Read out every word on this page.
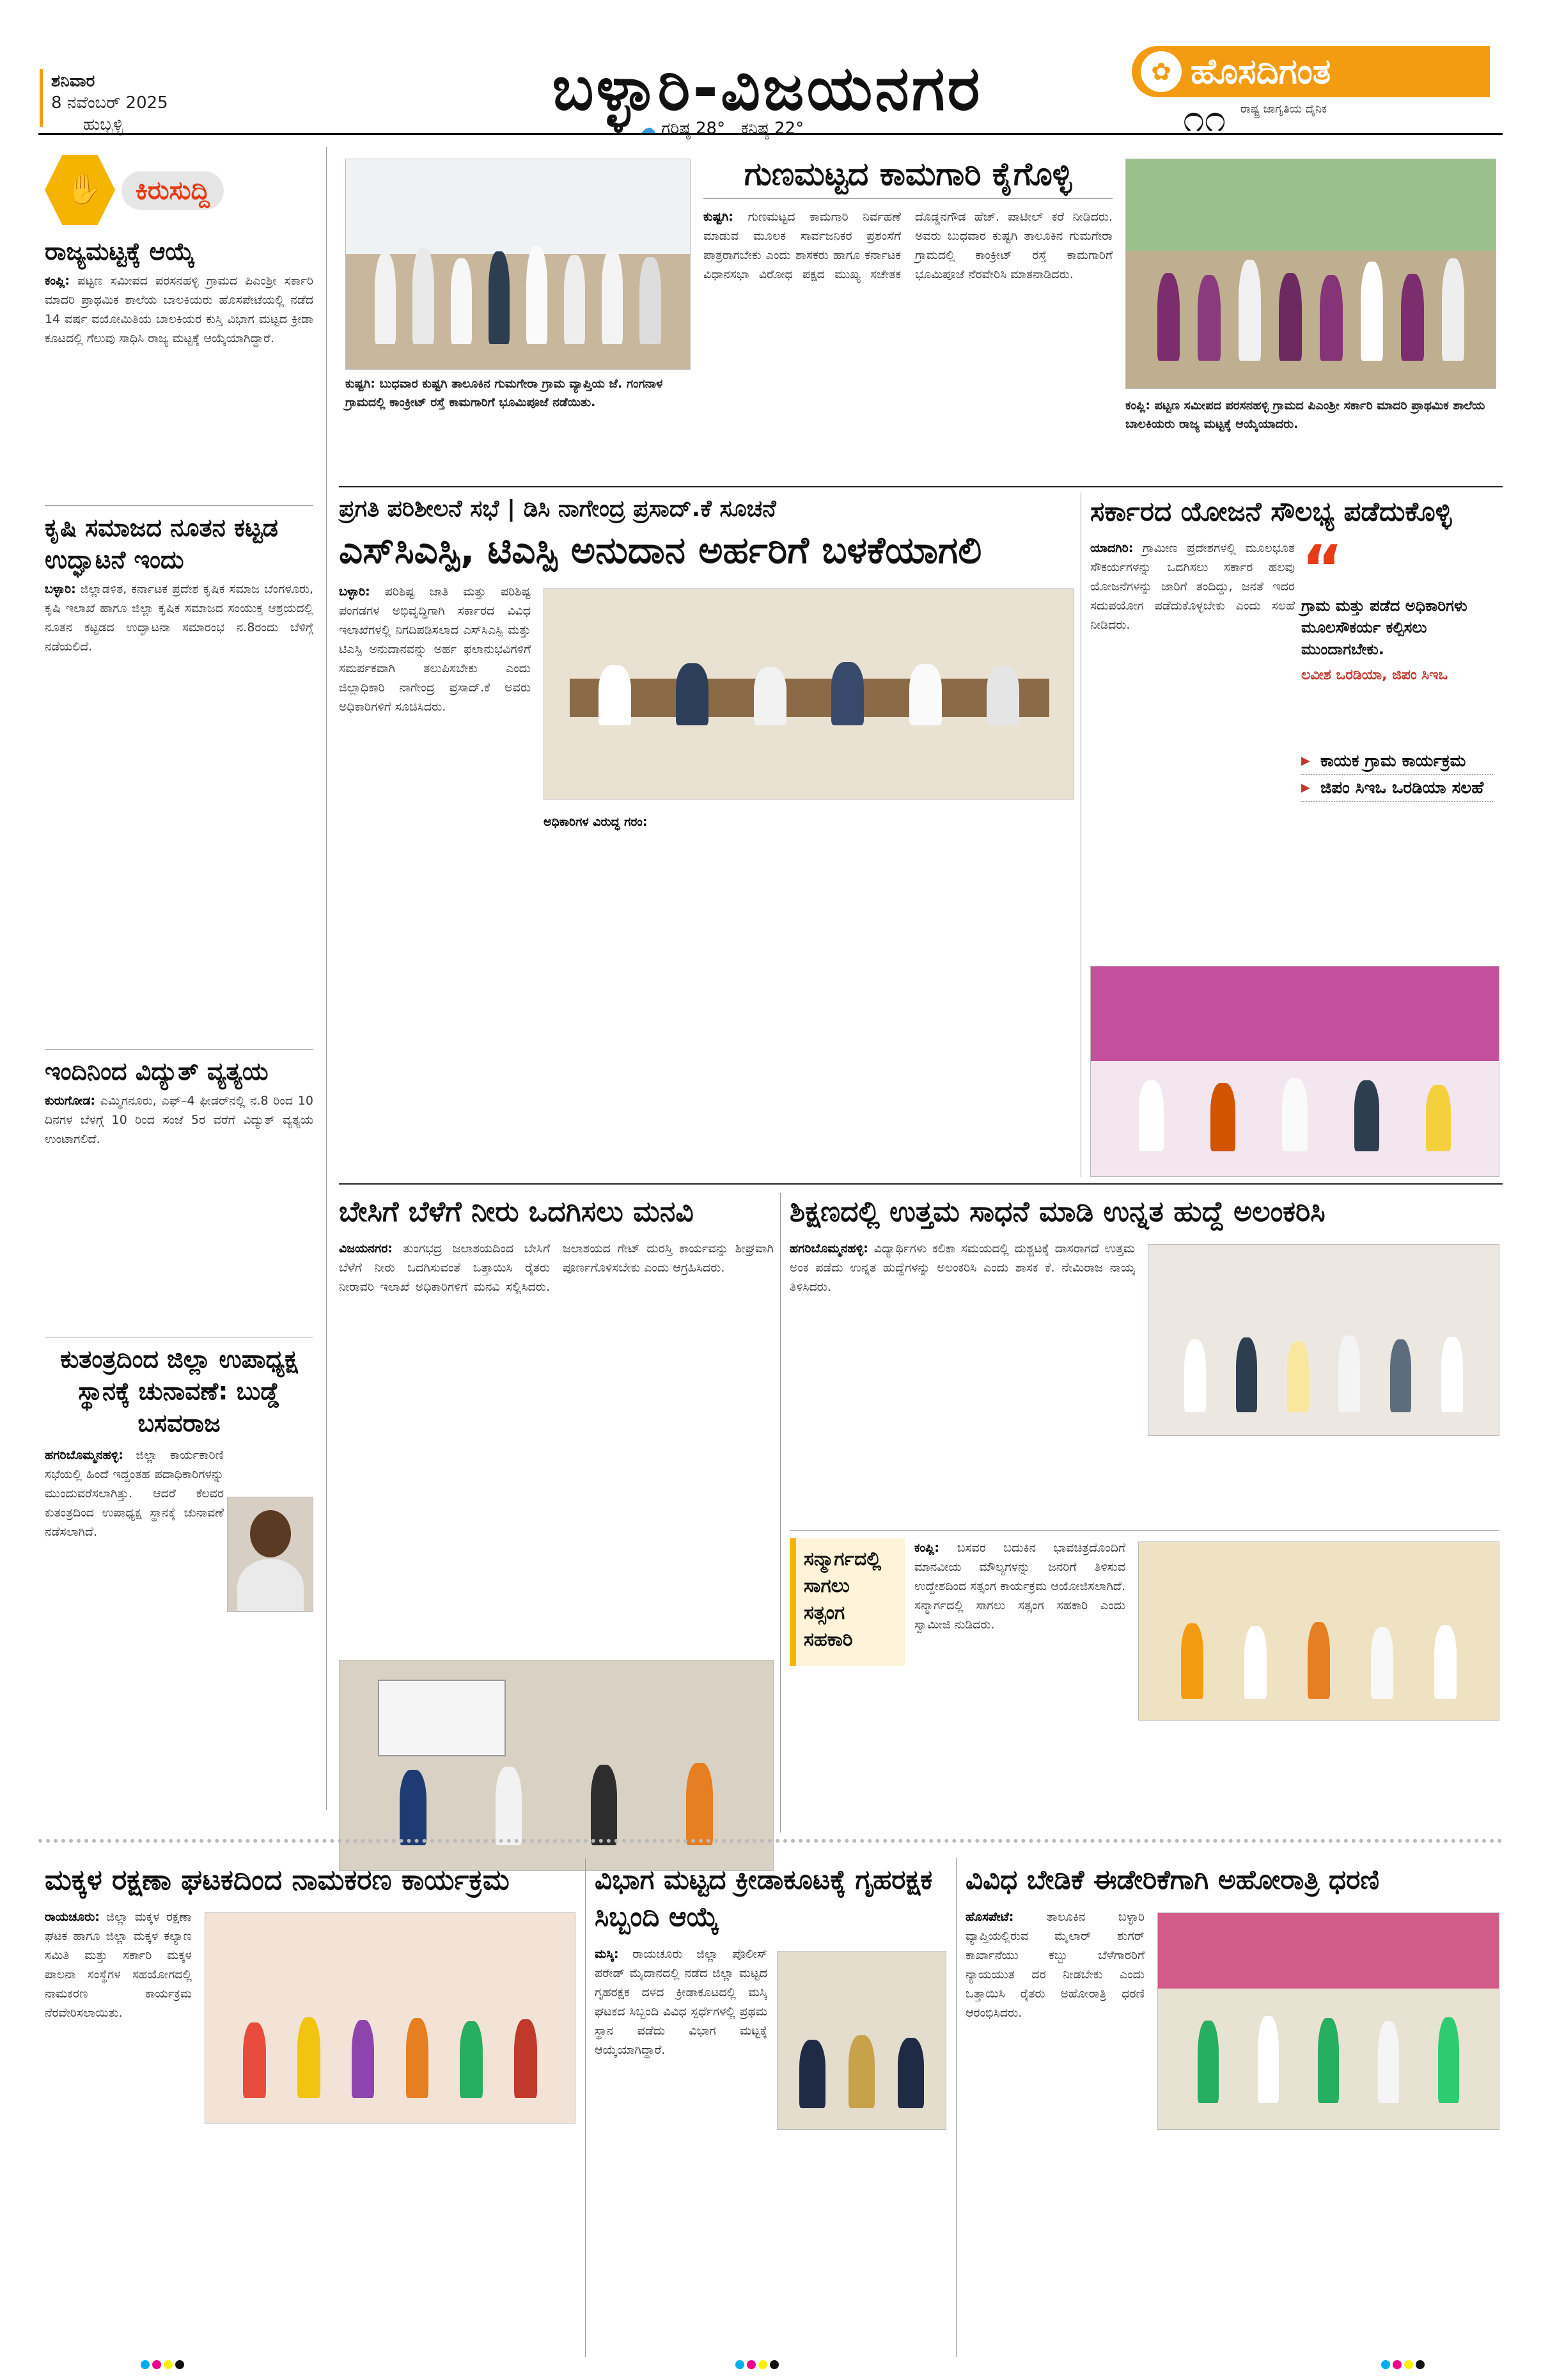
ಶನಿವಾರ
8 ನವೆಂಬರ್ 2025
ಹುಬ್ಬಳ್ಳಿ
ಬಳ್ಳಾರಿ-ವಿಜಯನಗರ
☁ ಗರಿಷ್ಠ 28° ಕನಿಷ್ಠ 22°
✿ ಹೊಸದಿಗಂತ
೧೧ ರಾಷ್ಟ್ರ ಜಾಗೃತಿಯ ದೈನಿಕ
✋
ಕಿರುಸುದ್ದಿ
ರಾಜ್ಯಮಟ್ಟಕ್ಕೆ ಆಯ್ಕೆ
ಕಂಪ್ಲಿ: ಪಟ್ಟಣ ಸಮೀಪದ ಪರಸನಹಳ್ಳಿ ಗ್ರಾಮದ ಪಿಎಂಶ್ರೀ ಸರ್ಕಾರಿ ಮಾದರಿ ಪ್ರಾಥಮಿಕ ಶಾಲೆಯ ಬಾಲಕಿಯರು ಹೊಸಪೇಟೆಯಲ್ಲಿ ನಡೆದ 14 ವರ್ಷ ವಯೋಮಿತಿಯ ಬಾಲಕಿಯರ ಕುಸ್ತಿ ವಿಭಾಗ ಮಟ್ಟದ ಕ್ರೀಡಾ ಕೂಟದಲ್ಲಿ ಗೆಲುವು ಸಾಧಿಸಿ ರಾಜ್ಯ ಮಟ್ಟಕ್ಕೆ ಆಯ್ಕೆಯಾಗಿದ್ದಾರೆ.
ಕೃಷಿ ಸಮಾಜದ ನೂತನ ಕಟ್ಟಡ ಉದ್ಘಾಟನೆ ಇಂದು
ಬಳ್ಳಾರಿ: ಜಿಲ್ಲಾಡಳಿತ, ಕರ್ನಾಟಕ ಪ್ರದೇಶ ಕೃಷಿಕ ಸಮಾಜ ಬೆಂಗಳೂರು, ಕೃಷಿ ಇಲಾಖೆ ಹಾಗೂ ಜಿಲ್ಲಾ ಕೃಷಿಕ ಸಮಾಜದ ಸಂಯುಕ್ತ ಆಶ್ರಯದಲ್ಲಿ ನೂತನ ಕಟ್ಟಡದ ಉದ್ಘಾಟನಾ ಸಮಾರಂಭ ನ.8ರಂದು ಬೆಳಿಗ್ಗೆ ನಡೆಯಲಿದೆ.
ಇಂದಿನಿಂದ ವಿದ್ಯುತ್ ವ್ಯತ್ಯಯ
ಕುರುಗೋಡ: ಎಮ್ಮಿಗನೂರು, ಎಫ್–4 ಫೀಡರ್‌ನಲ್ಲಿ ನ.8 ರಿಂದ 10 ದಿನಗಳ ಬೆಳಗ್ಗೆ 10 ರಿಂದ ಸಂಜೆ 5ರ ವರೆಗೆ ವಿದ್ಯುತ್ ವ್ಯತ್ಯಯ ಉಂಟಾಗಲಿದೆ.
ಕುತಂತ್ರದಿಂದ ಜಿಲ್ಲಾ ಉಪಾಧ್ಯಕ್ಷ ಸ್ಥಾನಕ್ಕೆ ಚುನಾವಣೆ: ಬುಡ್ಡೆ ಬಸವರಾಜ
ಹಗರಿಬೊಮ್ಮನಹಳ್ಳಿ: ಜಿಲ್ಲಾ ಕಾರ್ಯಕಾರಿಣಿ ಸಭೆಯಲ್ಲಿ ಹಿಂದೆ ಇದ್ದಂತಹ ಪದಾಧಿಕಾರಿಗಳನ್ನು ಮುಂದುವರೆಸಲಾಗಿತ್ತು. ಆದರೆ ಕೆಲವರ ಕುತಂತ್ರದಿಂದ ಉಪಾಧ್ಯಕ್ಷ ಸ್ಥಾನಕ್ಕೆ ಚುನಾವಣೆ ನಡೆಸಲಾಗಿದೆ.
ಕುಷ್ಟಗಿ: ಬುಧವಾರ ಕುಷ್ಟಗಿ ತಾಲೂಕಿನ ಗುಮಗೇರಾ ಗ್ರಾಮ ವ್ಯಾಪ್ತಿಯ ಜೆ. ಗಂಗನಾಳ ಗ್ರಾಮದಲ್ಲಿ ಕಾಂಕ್ರೀಟ್ ರಸ್ತೆ ಕಾಮಗಾರಿಗೆ ಭೂಮಿಪೂಜೆ ನಡೆಯಿತು.
ಗುಣಮಟ್ಟದ ಕಾಮಗಾರಿ ಕೈಗೊಳ್ಳಿ
ಕುಷ್ಟಗಿ: ಗುಣಮಟ್ಟದ ಕಾಮಗಾರಿ ನಿರ್ವಹಣೆ ಮಾಡುವ ಮೂಲಕ ಸಾರ್ವಜನಿಕರ ಪ್ರಶಂಸೆಗೆ ಪಾತ್ರರಾಗಬೇಕು ಎಂದು ಶಾಸಕರು ಹಾಗೂ ಕರ್ನಾಟಕ ವಿಧಾನಸಭಾ ವಿರೋಧ ಪಕ್ಷದ ಮುಖ್ಯ ಸಚೇತಕ ದೊಡ್ಡನಗೌಡ ಹೆಚ್. ಪಾಟೀಲ್ ಕರೆ ನೀಡಿದರು. ಅವರು ಬುಧವಾರ ಕುಷ್ಟಗಿ ತಾಲೂಕಿನ ಗುಮಗೇರಾ ಗ್ರಾಮದಲ್ಲಿ ಕಾಂಕ್ರೀಟ್ ರಸ್ತೆ ಕಾಮಗಾರಿಗೆ ಭೂಮಿಪೂಜೆ ನೆರವೇರಿಸಿ ಮಾತನಾಡಿದರು.
ಕಂಪ್ಲಿ: ಪಟ್ಟಣ ಸಮೀಪದ ಪರಸನಹಳ್ಳಿ ಗ್ರಾಮದ ಪಿಎಂಶ್ರೀ ಸರ್ಕಾರಿ ಮಾದರಿ ಪ್ರಾಥಮಿಕ ಶಾಲೆಯ ಬಾಲಕಿಯರು ರಾಜ್ಯ ಮಟ್ಟಕ್ಕೆ ಆಯ್ಕೆಯಾದರು.
ಪ್ರಗತಿ ಪರಿಶೀಲನೆ ಸಭೆ | ಡಿಸಿ ನಾಗೇಂದ್ರ ಪ್ರಸಾದ್.ಕೆ ಸೂಚನೆ
ಎಸ್‌ಸಿಎಸ್ಪಿ, ಟಿಎಸ್ಪಿ ಅನುದಾನ ಅರ್ಹರಿಗೆ ಬಳಕೆಯಾಗಲಿ
ಬಳ್ಳಾರಿ: ಪರಿಶಿಷ್ಟ ಜಾತಿ ಮತ್ತು ಪರಿಶಿಷ್ಟ ಪಂಗಡಗಳ ಅಭಿವೃದ್ಧಿಗಾಗಿ ಸರ್ಕಾರದ ವಿವಿಧ ಇಲಾಖೆಗಳಲ್ಲಿ ನಿಗದಿಪಡಿಸಲಾದ ಎಸ್‌ಸಿಎಸ್ಪಿ ಮತ್ತು ಟಿಎಸ್ಪಿ ಅನುದಾನವನ್ನು ಅರ್ಹ ಫಲಾನುಭವಿಗಳಿಗೆ ಸಮರ್ಪಕವಾಗಿ ತಲುಪಿಸಬೇಕು ಎಂದು ಜಿಲ್ಲಾಧಿಕಾರಿ ನಾಗೇಂದ್ರ ಪ್ರಸಾದ್.ಕೆ ಅವರು ಅಧಿಕಾರಿಗಳಿಗೆ ಸೂಚಿಸಿದರು.
ಅಧಿಕಾರಿಗಳ ವಿರುದ್ಧ ಗರಂ:
ಸರ್ಕಾರದ ಯೋಜನೆ ಸೌಲಭ್ಯ ಪಡೆದುಕೊಳ್ಳಿ
ಯಾದಗಿರಿ: ಗ್ರಾಮೀಣ ಪ್ರದೇಶಗಳಲ್ಲಿ ಮೂಲಭೂತ ಸೌಕರ್ಯಗಳನ್ನು ಒದಗಿಸಲು ಸರ್ಕಾರ ಹಲವು ಯೋಜನೆಗಳನ್ನು ಜಾರಿಗೆ ತಂದಿದ್ದು, ಜನತೆ ಇದರ ಸದುಪಯೋಗ ಪಡೆದುಕೊಳ್ಳಬೇಕು ಎಂದು ಸಲಹೆ ನೀಡಿದರು.
“
ಗ್ರಾಮ ಮತ್ತು ಪಡೆದ ಅಧಿಕಾರಿಗಳು ಮೂಲಸೌಕರ್ಯ ಕಲ್ಪಿಸಲು ಮುಂದಾಗಬೇಕು.
ಲವೀಶ ಒರಡಿಯಾ, ಜಿಪಂ ಸಿಇಒ
▶ ಕಾಯಕ ಗ್ರಾಮ ಕಾರ್ಯಕ್ರಮ
▶ ಜಿಪಂ ಸಿಇಒ ಒರಡಿಯಾ ಸಲಹೆ
ಬೇಸಿಗೆ ಬೆಳೆಗೆ ನೀರು ಒದಗಿಸಲು ಮನವಿ
ವಿಜಯನಗರ: ತುಂಗಭದ್ರ ಜಲಾಶಯದಿಂದ ಬೇಸಿಗೆ ಬೆಳೆಗೆ ನೀರು ಒದಗಿಸುವಂತೆ ಒತ್ತಾಯಿಸಿ ರೈತರು ನೀರಾವರಿ ಇಲಾಖೆ ಅಧಿಕಾರಿಗಳಿಗೆ ಮನವಿ ಸಲ್ಲಿಸಿದರು. ಜಲಾಶಯದ ಗೇಟ್ ದುರಸ್ತಿ ಕಾರ್ಯವನ್ನು ಶೀಘ್ರವಾಗಿ ಪೂರ್ಣಗೊಳಿಸಬೇಕು ಎಂದು ಆಗ್ರಹಿಸಿದರು.
ಶಿಕ್ಷಣದಲ್ಲಿ ಉತ್ತಮ ಸಾಧನೆ ಮಾಡಿ ಉನ್ನತ ಹುದ್ದೆ ಅಲಂಕರಿಸಿ
ಹಗರಿಬೊಮ್ಮನಹಳ್ಳಿ: ವಿದ್ಯಾರ್ಥಿಗಳು ಕಲಿಕಾ ಸಮಯದಲ್ಲಿ ದುಶ್ಚಟಕ್ಕೆ ದಾಸರಾಗದೆ ಉತ್ತಮ ಅಂಕ ಪಡೆದು ಉನ್ನತ ಹುದ್ದೆಗಳನ್ನು ಅಲಂಕರಿಸಿ ಎಂದು ಶಾಸಕ ಕೆ. ನೇಮಿರಾಜ ನಾಯ್ಕ ತಿಳಿಸಿದರು.
ಸನ್ಮಾರ್ಗದಲ್ಲಿ ಸಾಗಲು ಸತ್ಸಂಗ ಸಹಕಾರಿ
ಕಂಪ್ಲಿ: ಬಸವರ ಬದುಕಿನ ಭಾವಚಿತ್ರದೊಂದಿಗೆ ಮಾನವೀಯ ಮೌಲ್ಯಗಳನ್ನು ಜನರಿಗೆ ತಿಳಿಸುವ ಉದ್ದೇಶದಿಂದ ಸತ್ಸಂಗ ಕಾರ್ಯಕ್ರಮ ಆಯೋಜಿಸಲಾಗಿದೆ. ಸನ್ಮಾರ್ಗದಲ್ಲಿ ಸಾಗಲು ಸತ್ಸಂಗ ಸಹಕಾರಿ ಎಂದು ಸ್ವಾಮೀಜಿ ನುಡಿದರು.
ಮಕ್ಕಳ ರಕ್ಷಣಾ ಘಟಕದಿಂದ ನಾಮಕರಣ ಕಾರ್ಯಕ್ರಮ
ರಾಯಚೂರು: ಜಿಲ್ಲಾ ಮಕ್ಕಳ ರಕ್ಷಣಾ ಘಟಕ ಹಾಗೂ ಜಿಲ್ಲಾ ಮಕ್ಕಳ ಕಲ್ಯಾಣ ಸಮಿತಿ ಮತ್ತು ಸರ್ಕಾರಿ ಮಕ್ಕಳ ಪಾಲನಾ ಸಂಸ್ಥೆಗಳ ಸಹಯೋಗದಲ್ಲಿ ನಾಮಕರಣ ಕಾರ್ಯಕ್ರಮ ನೆರವೇರಿಸಲಾಯಿತು.
ವಿಭಾಗ ಮಟ್ಟದ ಕ್ರೀಡಾಕೂಟಕ್ಕೆ ಗೃಹರಕ್ಷಕ ಸಿಬ್ಬಂದಿ ಆಯ್ಕೆ
ಮಸ್ಕಿ: ರಾಯಚೂರು ಜಿಲ್ಲಾ ಪೊಲೀಸ್ ಪರೇಡ್ ಮೈದಾನದಲ್ಲಿ ನಡೆದ ಜಿಲ್ಲಾ ಮಟ್ಟದ ಗೃಹರಕ್ಷಕ ದಳದ ಕ್ರೀಡಾಕೂಟದಲ್ಲಿ ಮಸ್ಕಿ ಘಟಕದ ಸಿಬ್ಬಂದಿ ವಿವಿಧ ಸ್ಪರ್ಧೆಗಳಲ್ಲಿ ಪ್ರಥಮ ಸ್ಥಾನ ಪಡೆದು ವಿಭಾಗ ಮಟ್ಟಕ್ಕೆ ಆಯ್ಕೆಯಾಗಿದ್ದಾರೆ.
ವಿವಿಧ ಬೇಡಿಕೆ ಈಡೇರಿಕೆಗಾಗಿ ಅಹೋರಾತ್ರಿ ಧರಣಿ
ಹೊಸಪೇಟೆ:	ತಾಲೂಕಿನ ಬಳ್ಳಾರಿ ವ್ಯಾಪ್ತಿಯಲ್ಲಿರುವ ಮೈಲಾರ್ ಶುಗರ್ ಕಾರ್ಖಾನೆಯು ಕಬ್ಬು ಬೆಳೆಗಾರರಿಗೆ ನ್ಯಾಯಯುತ ದರ ನೀಡಬೇಕು ಎಂದು ಒತ್ತಾಯಿಸಿ ರೈತರು ಅಹೋರಾತ್ರಿ ಧರಣಿ ಆರಂಭಿಸಿದರು.
